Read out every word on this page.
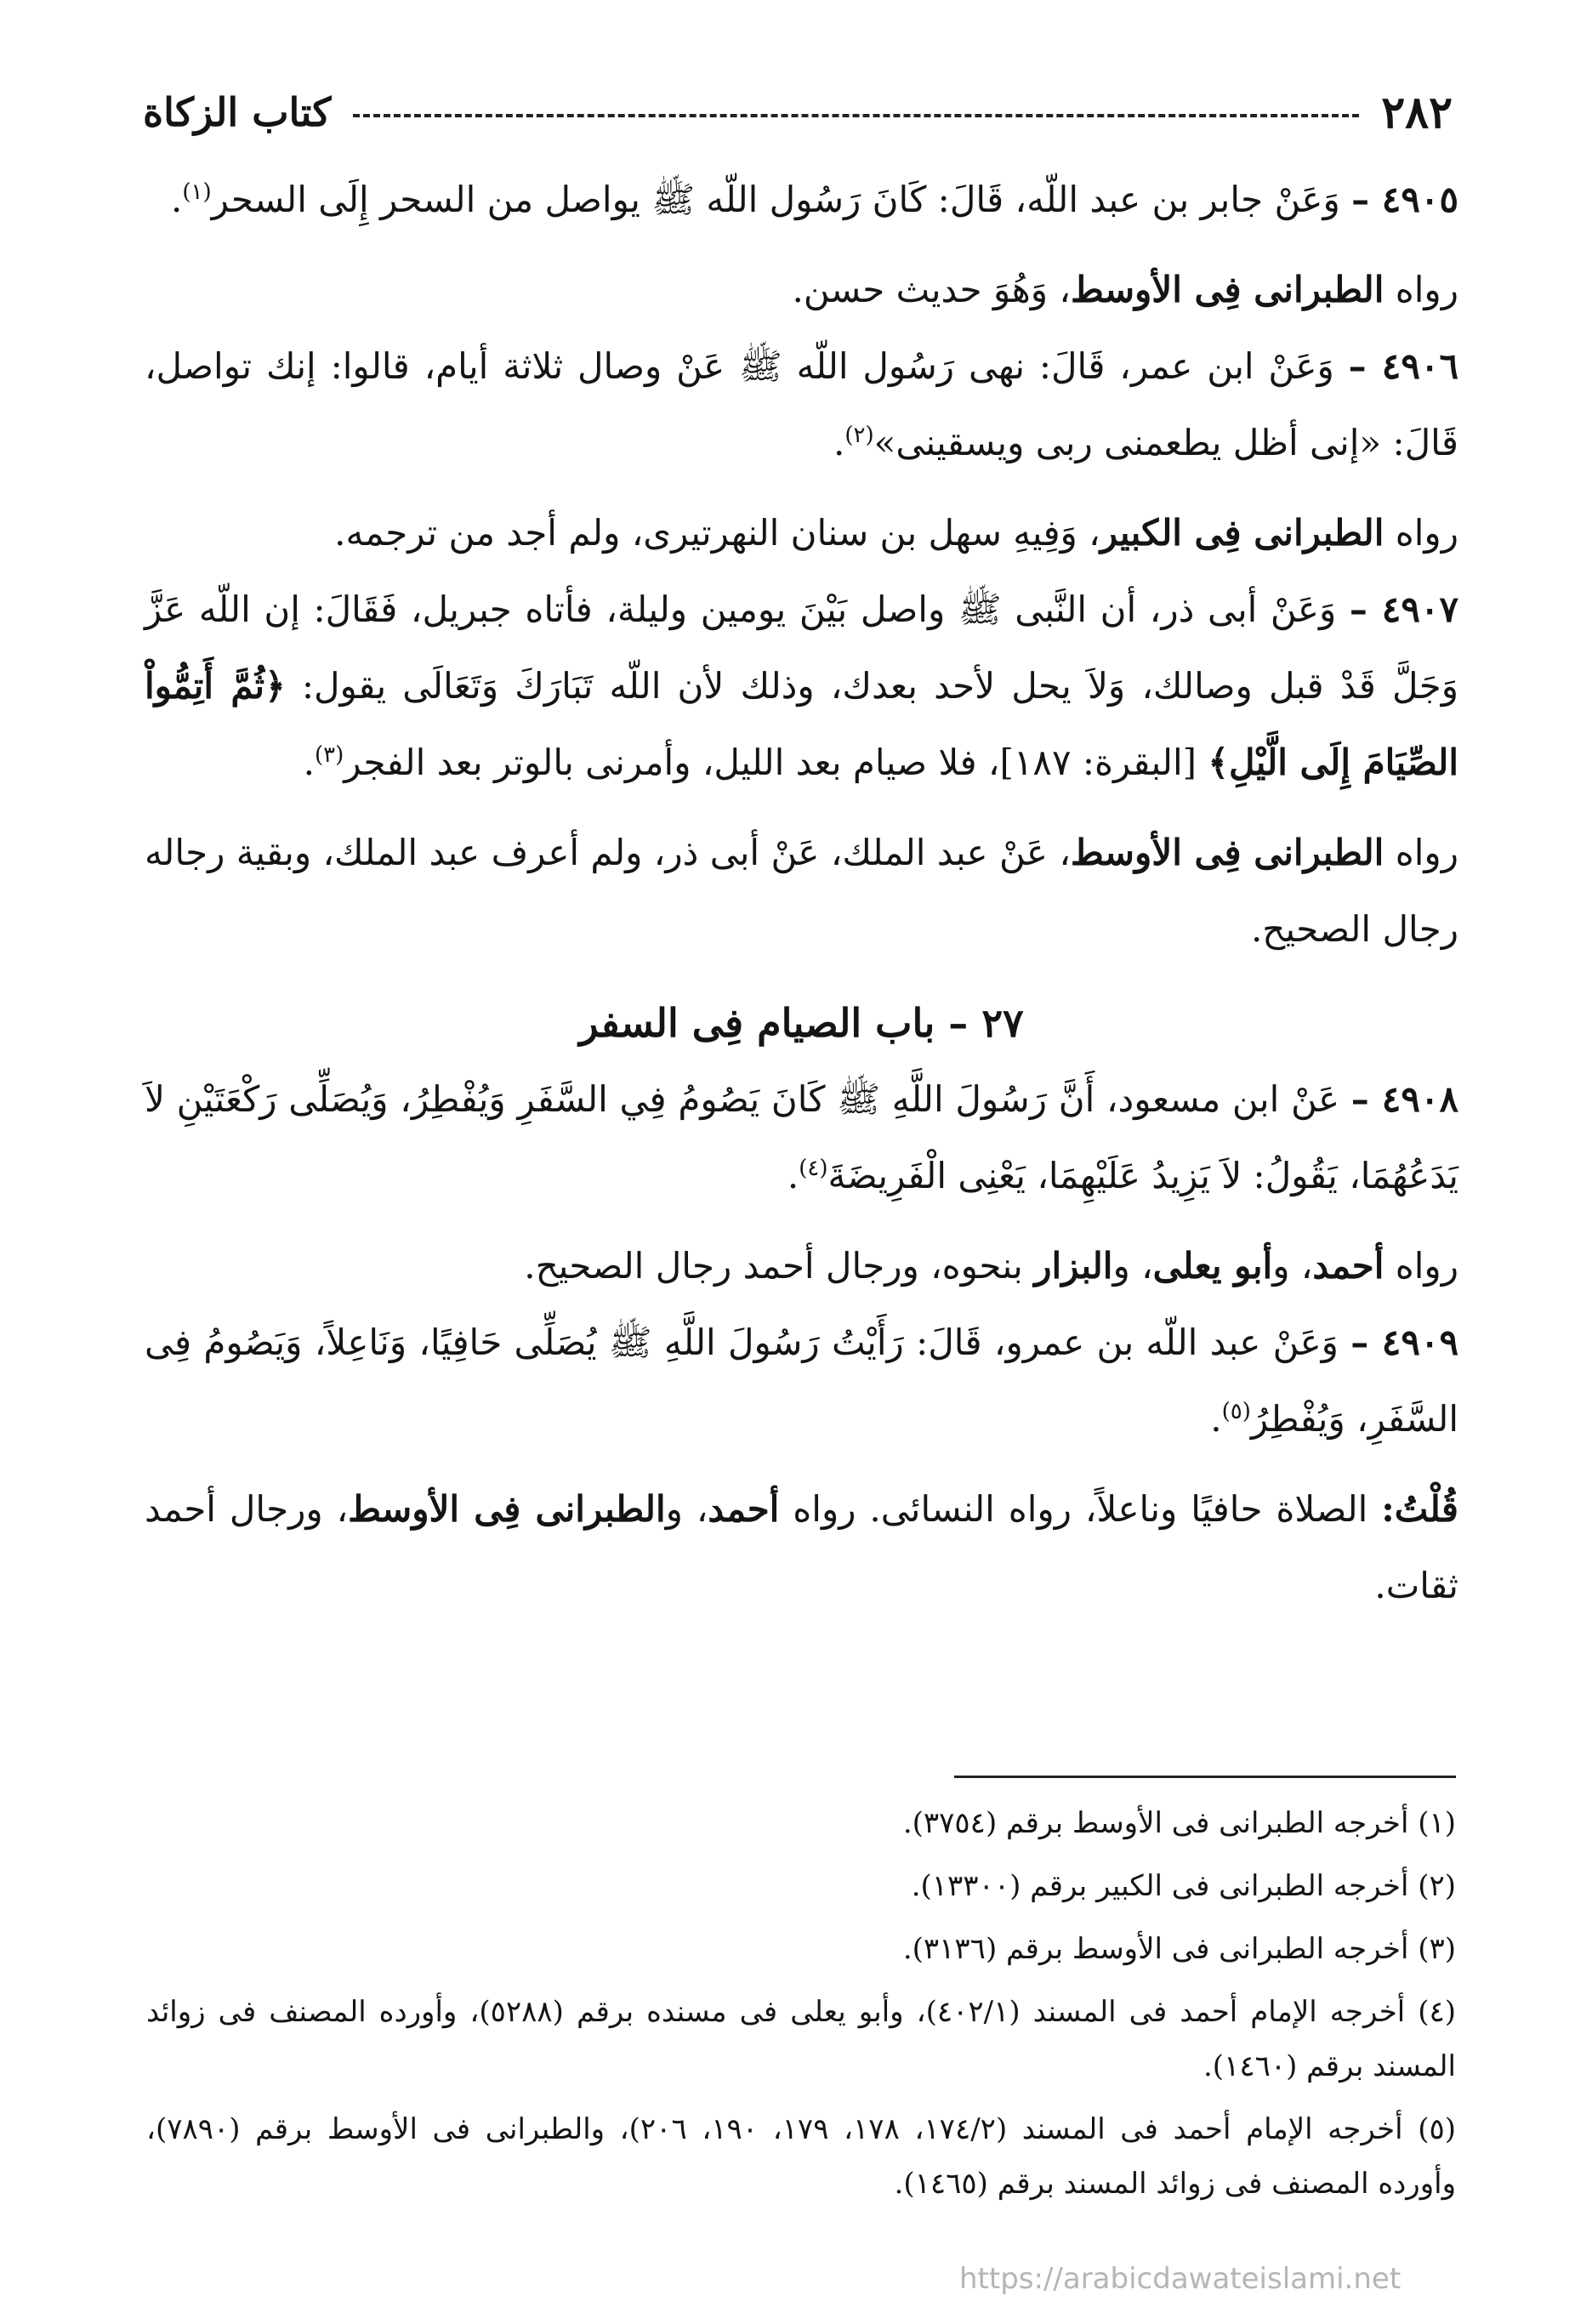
٢٨٢
كتاب الزكاة

٤٩٠٥ – وَعَنْ جابر بن عبد اللّه، قَالَ: كَانَ رَسُول اللّه ﷺ يواصل من السحر إِلَى السحر$^{(١)}$.

رواه الطبرانى فِى الأوسط، وَهُوَ حديث حسن.

٤٩٠٦ – وَعَنْ ابن عمر، قَالَ: نهى رَسُول اللّه ﷺ عَنْ وصال ثلاثة أيام، قالوا: إنك تواصل، قَالَ: «إنى أظل يطعمنى ربى ويسقينى»$^{(٢)}$.

رواه الطبرانى فِى الكبير، وَفِيهِ سهل بن سنان النهرتيرى، ولم أجد من ترجمه.

٤٩٠٧ – وَعَنْ أبى ذر، أن النَّبى ﷺ واصل بَيْنَ يومين وليلة، فأتاه جبريل، فَقَالَ: إن اللّه عَزَّ وَجَلَّ قَدْ قبل وصالك، وَلاَ يحل لأحد بعدك، وذلك لأن اللّه تَبَارَكَ وَتَعَالَى يقول: ﴿ثُمَّ أَتِمُّواْ الصِّيَامَ إِلَى الَّيْلِ﴾ [البقرة: ١٨٧]، فلا صيام بعد الليل، وأمرنى بالوتر بعد الفجر$^{(٣)}$.

رواه الطبرانى فِى الأوسط، عَنْ عبد الملك، عَنْ أبى ذر، ولم أعرف عبد الملك، وبقية رجاله رجال الصحيح.

٢٧ – باب الصيام فِى السفر

٤٩٠٨ – عَنْ ابن مسعود، أَنَّ رَسُولَ اللَّهِ ﷺ كَانَ يَصُومُ فِي السَّفَرِ وَيُفْطِرُ، وَيُصَلِّى رَكْعَتَيْنِ لاَ يَدَعُهُمَا، يَقُولُ: لاَ يَزِيدُ عَلَيْهِمَا، يَعْنِى الْفَرِيضَةَ$^{(٤)}$.

رواه أحمد، وأبو يعلى، والبزار بنحوه، ورجال أحمد رجال الصحيح.

٤٩٠٩ – وَعَنْ عبد اللّه بن عمرو، قَالَ: رَأَيْتُ رَسُولَ اللَّهِ ﷺ يُصَلِّى حَافِيًا، وَنَاعِلاً، وَيَصُومُ فِى السَّفَرِ، وَيُفْطِرُ$^{(٥)}$.

قُلْتُ: الصلاة حافيًا وناعلاً، رواه النسائى. رواه أحمد، والطبرانى فِى الأوسط، ورجال أحمد ثقات.

(١) أخرجه الطبرانى فى الأوسط برقم (٣٧٥٤).

(٢) أخرجه الطبرانى فى الكبير برقم (١٣٣٠٠).

(٣) أخرجه الطبرانى فى الأوسط برقم (٣١٣٦).

(٤) أخرجه الإمام أحمد فى المسند (٤٠٢/١)، وأبو يعلى فى مسنده برقم (٥٢٨٨)، وأورده المصنف فى زوائد المسند برقم (١٤٦٠).

(٥) أخرجه الإمام أحمد فى المسند (١٧٤/٢، ١٧٨، ١٧٩، ١٩٠، ٢٠٦)، والطبرانى فى الأوسط برقم (٧٨٩٠)، وأورده المصنف فى زوائد المسند برقم (١٤٦٥).

https://arabicdawateislami.net
